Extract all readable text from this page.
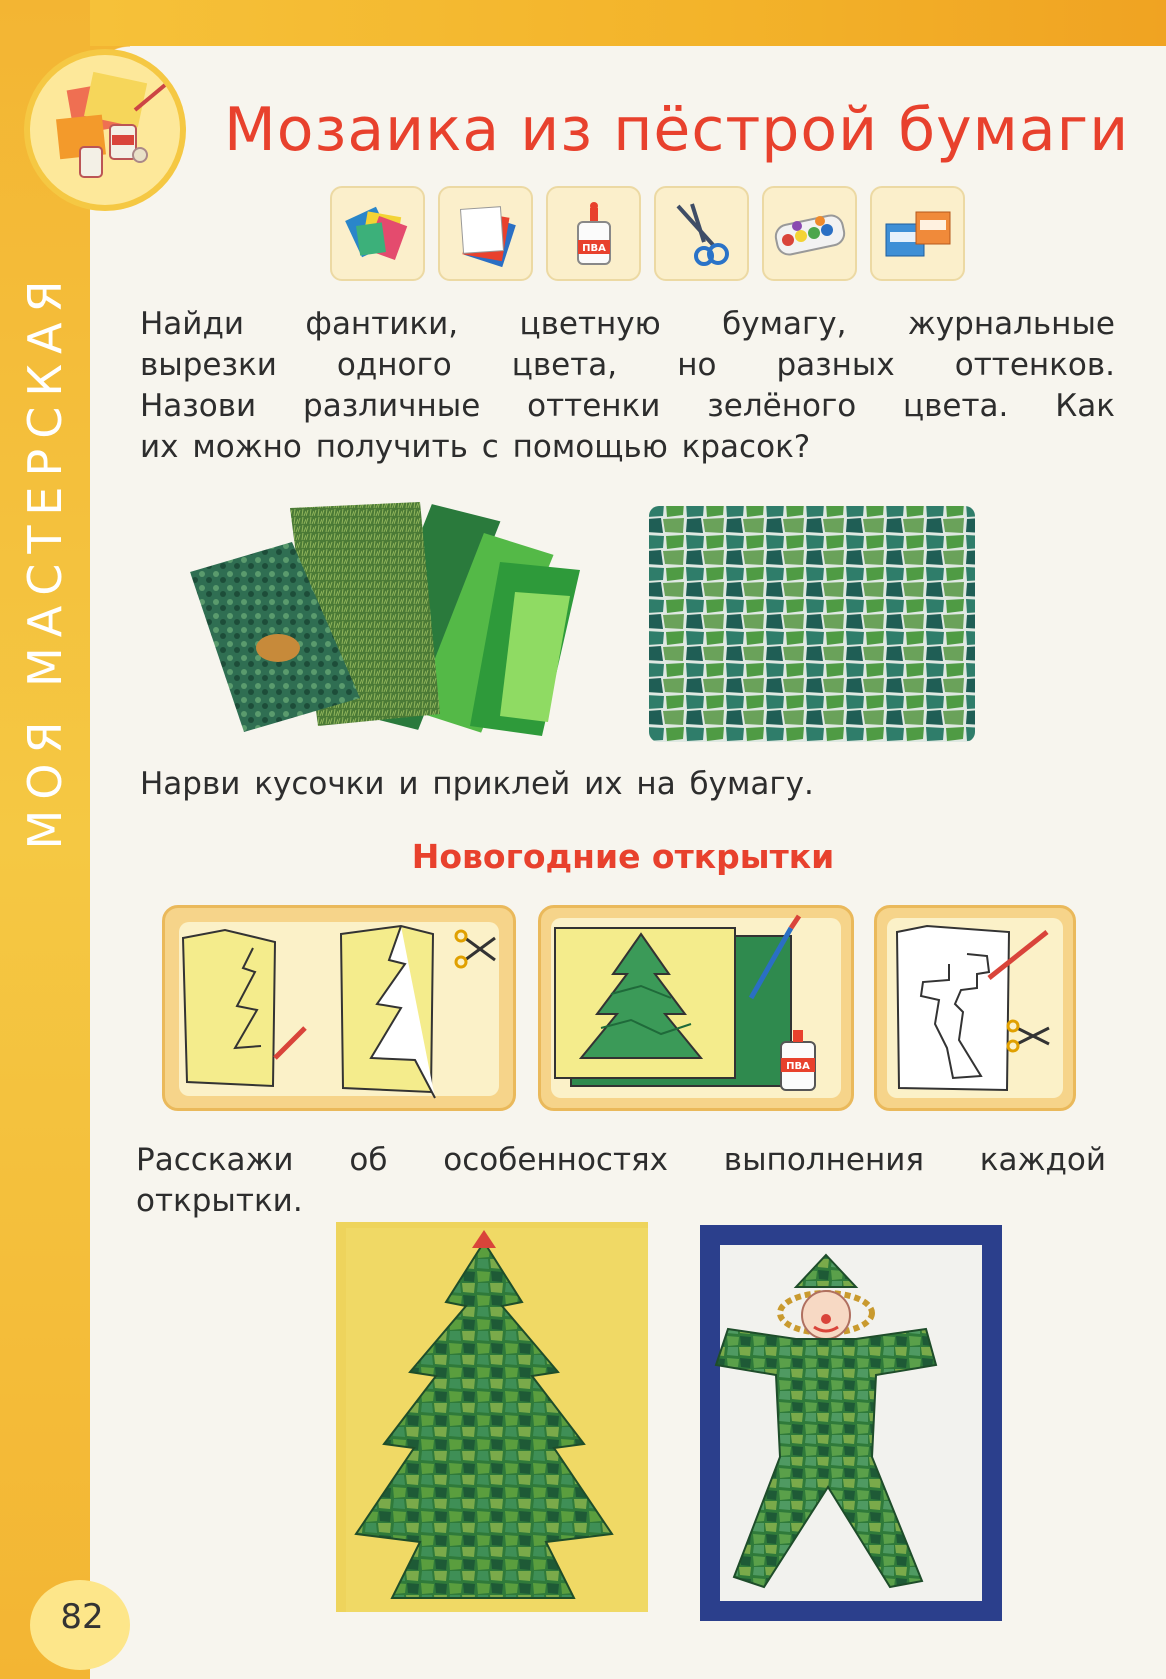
МОЯ МАСТЕРСКАЯ
Мозаика из пёстрой бумаги
ПВА
Найди фантики, цветную бумагу, журнальные
вырезки одного цвета, но разных оттенков.
Назови различные оттенки зелёного цвета. Как
их можно получить с помощью красок?
Нарви кусочки и приклей их на бумагу.
Новогодние открытки
ПВА
Расскажи об особенностях выполнения каждой
открытки.
82
